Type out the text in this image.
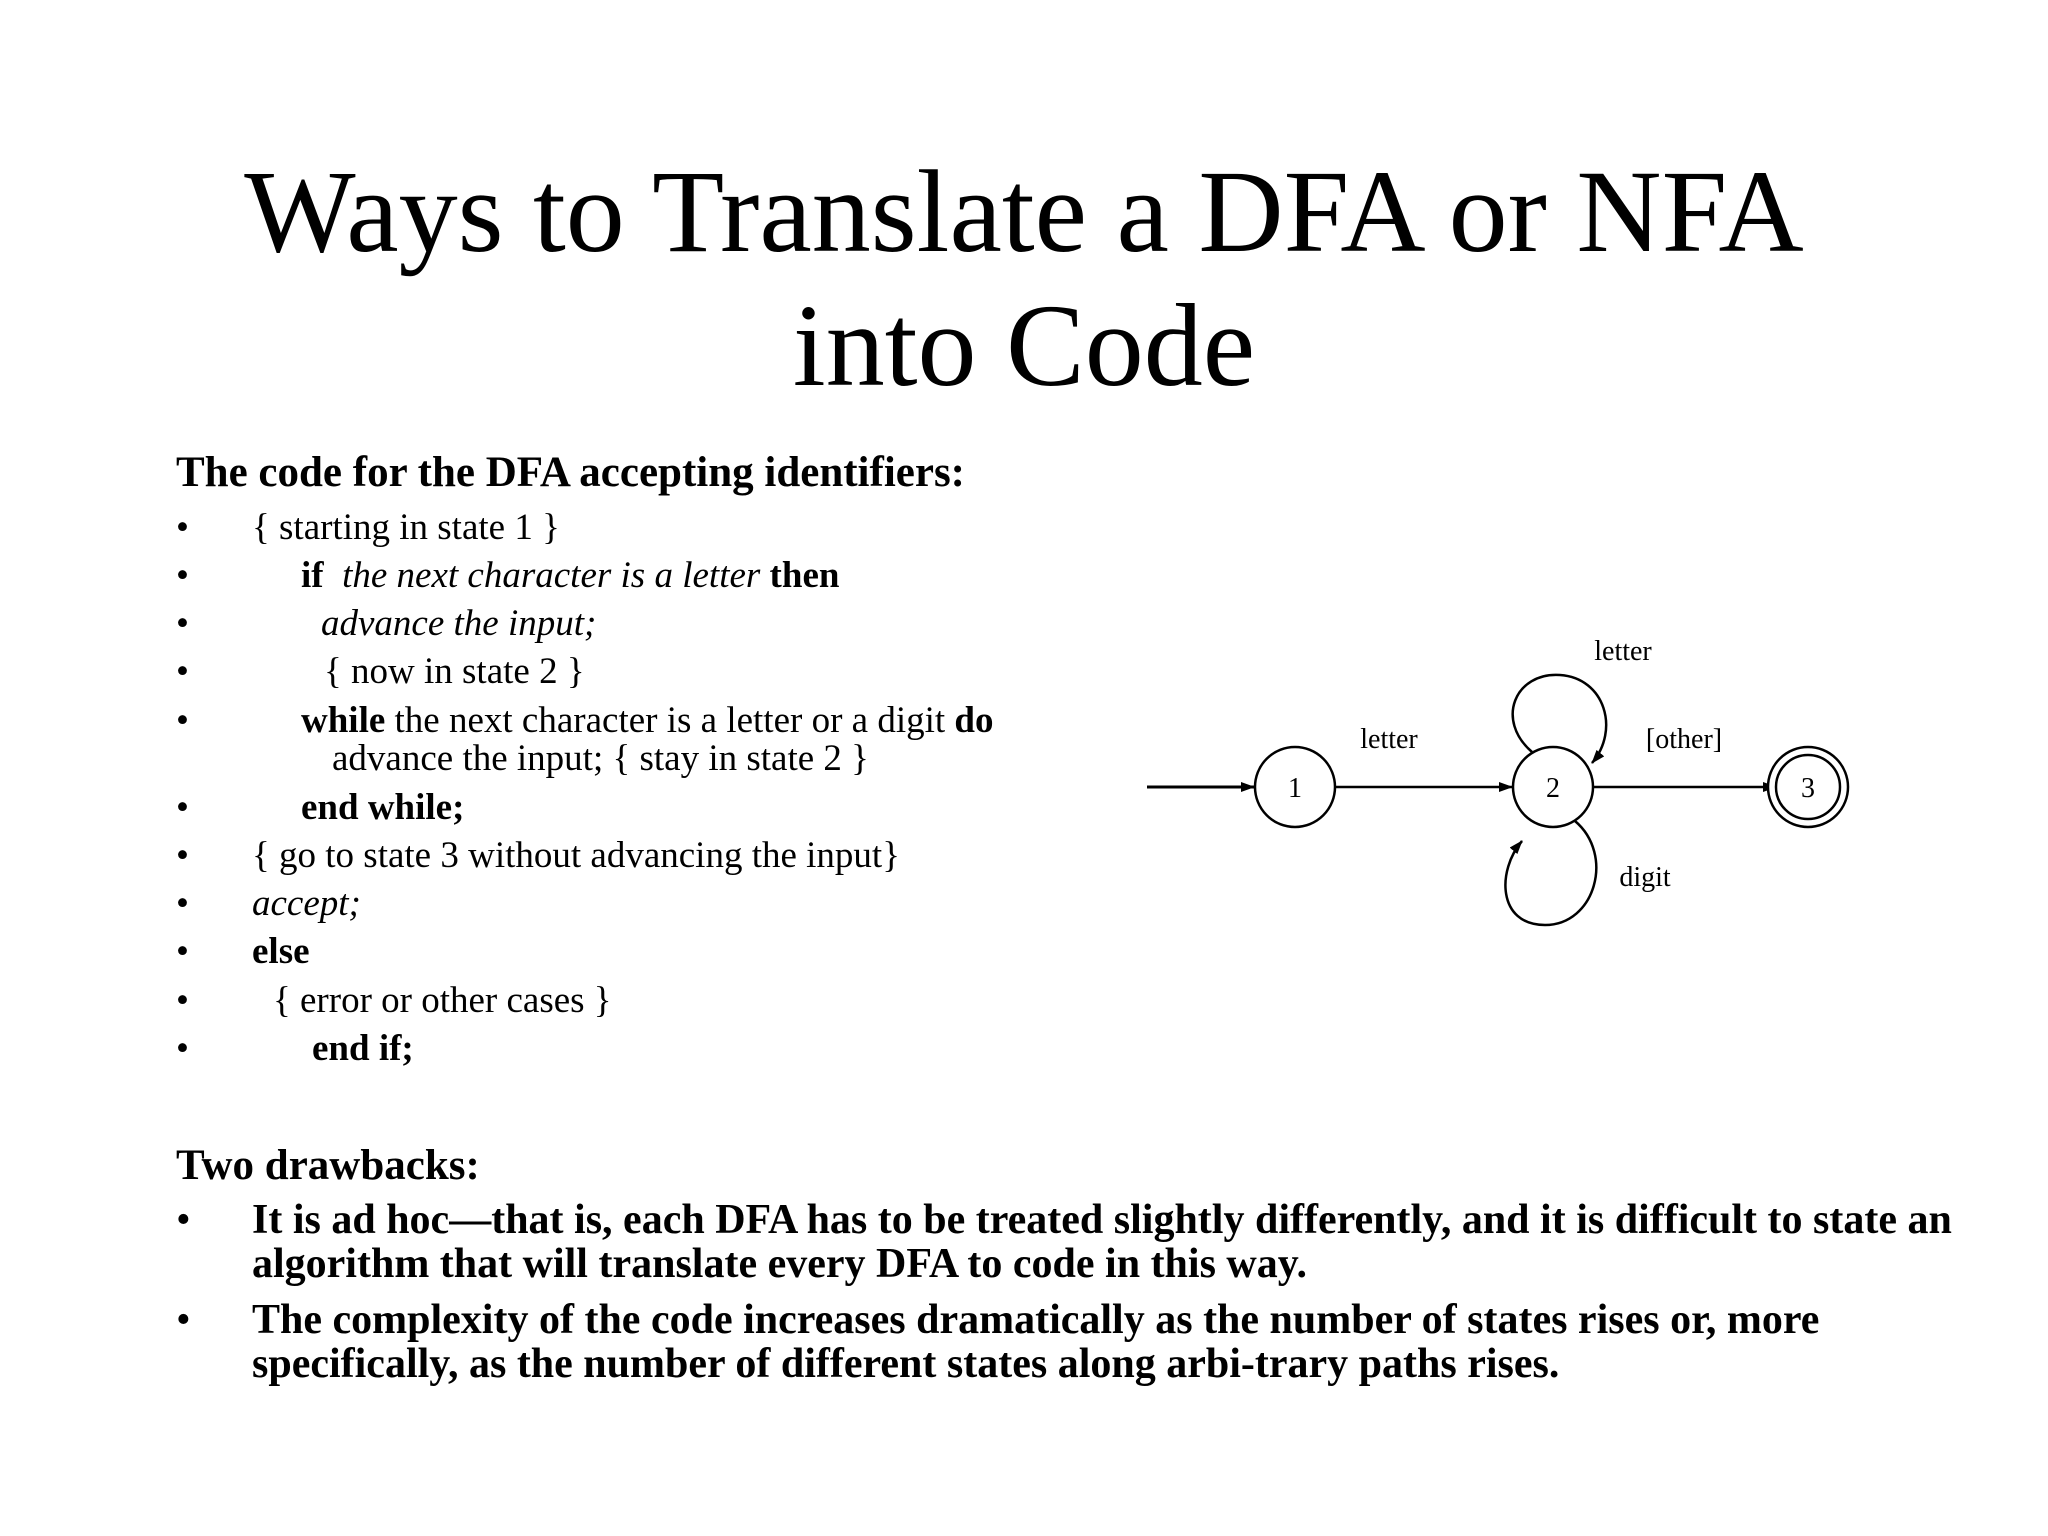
Ways to Translate a DFA or NFA
into Code
The code for the DFA accepting identifiers:
• { starting in state 1 }
•	if the next character is a letter then
•	advance the input;
•	{ now in state 2 }
•	while the next character is a letter or a digit do
advance the input; { stay in state 2 }
•	end while;
• { go to state 3 without advancing the input}
• accept;
• else
• { error or other cases }
•	end if;
1
letter
2
letter
digit
[other]
3
Two drawbacks:
• It is ad hoc—that is, each DFA has to be treated slightly differently, and it is difficult to state an algorithm that will translate every DFA to code in this way.
• The complexity of the code increases dramatically as the number of states rises or, more specifically, as the number of different states along arbi-trary paths rises.
